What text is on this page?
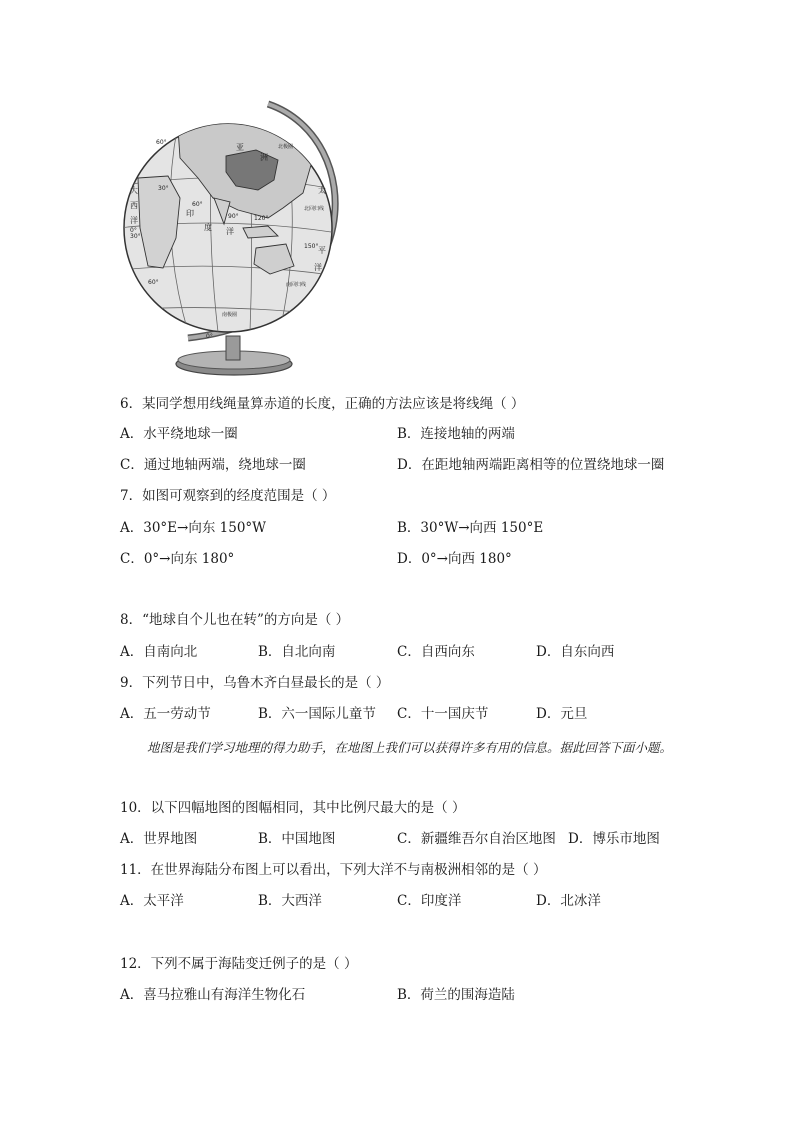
亚
洲
北极圈
大
西
洋
太
平
洋
印
度 洋
北回归线
南回归线
南极圈
60°
30°
0°
30°
60°
90°	120°
150°
60°
0°
6．某同学想用线绳量算赤道的长度，正确的方法应该是将线绳（ ）
A．水平绕地球一圈	B．连接地轴的两端
C．通过地轴两端，绕地球一圈	D．在距地轴两端距离相等的位置绕地球一圈
7．如图可观察到的经度范围是（ ）
A．30°E→向东 150°W	B．30°W→向西 150°E
C．0°→向东 180°	D．0°→向西 180°
8．“地球自个儿也在转”的方向是（ ）
A．自南向北	B．自北向南	C．自西向东	D．自东向西
9．下列节日中，乌鲁木齐白昼最长的是（ ）
A．五一劳动节	B．六一国际儿童节 C．十一国庆节	D．元旦
地图是我们学习地理的得力助手，在地图上我们可以获得许多有用的信息。据此回答下面小题。
10．以下四幅地图的图幅相同，其中比例尺最大的是（ ）
A．世界地图	B．中国地图	C．新疆维吾尔自治区地图 D．博乐市地图
11．在世界海陆分布图上可以看出，下列大洋不与南极洲相邻的是（ ）
A．太平洋	B．大西洋	C．印度洋	D．北冰洋
12．下列不属于海陆变迁例子的是（ ）
A．喜马拉雅山有海洋生物化石	B．荷兰的围海造陆
